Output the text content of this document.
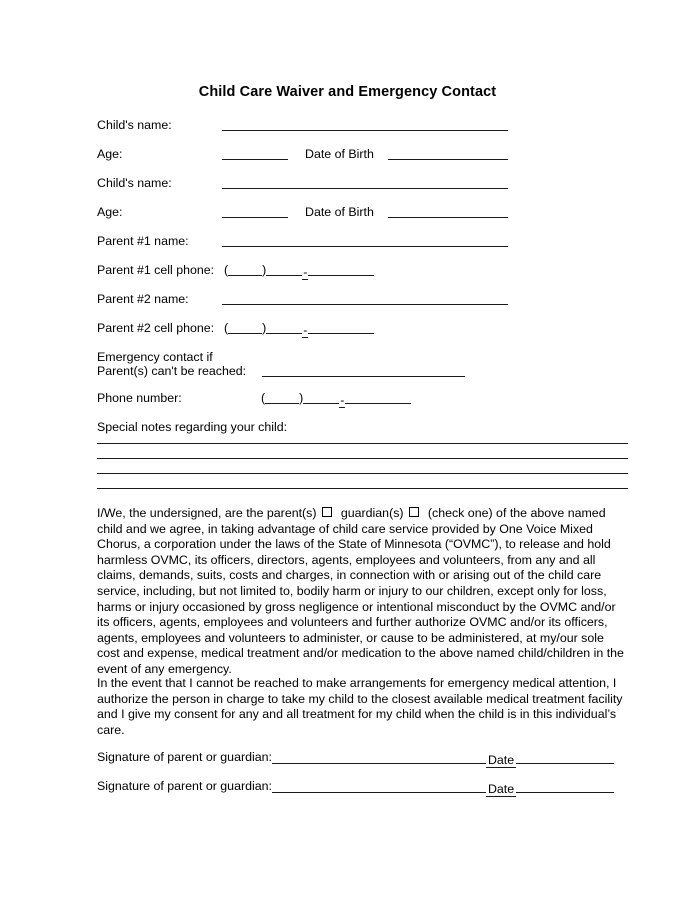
Child Care Waiver and Emergency Contact
Child's name:
Age:	Date of Birth
Child's name:
Age:	Date of Birth
Parent #1 name:
Parent #1 cell phone: (	)	-
Parent #2 name:
Parent #2 cell phone: (	)	-
Emergency contact if
Parent(s) can't be reached:
Phone number:	(	)	-
Special notes regarding your child:
I/We, the undersigned, are the parent(s) guardian(s) (check one) of the above named child and we agree, in taking advantage of child care service provided by One Voice Mixed Chorus, a corporation under the laws of the State of Minnesota (“OVMC”), to release and hold harmless OVMC, its officers, directors, agents, employees and volunteers, from any and all claims, demands, suits, costs and charges, in connection with or arising out of the child care service, including, but not limited to, bodily harm or injury to our children, except only for loss, harms or injury occasioned by gross negligence or intentional misconduct by the OVMC and/or its officers, agents, employees and volunteers and further authorize OVMC and/or its officers, agents, employees and volunteers to administer, or cause to be administered, at my/our sole cost and expense, medical treatment and/or medication to the above named child/children in the event of any emergency.
In the event that I cannot be reached to make arrangements for emergency medical attention, I authorize the person in charge to take my child to the closest available medical treatment facility and I give my consent for any and all treatment for my child when the child is in this individual’s care.
Signature of parent or guardian:	Date
Signature of parent or guardian:	Date
